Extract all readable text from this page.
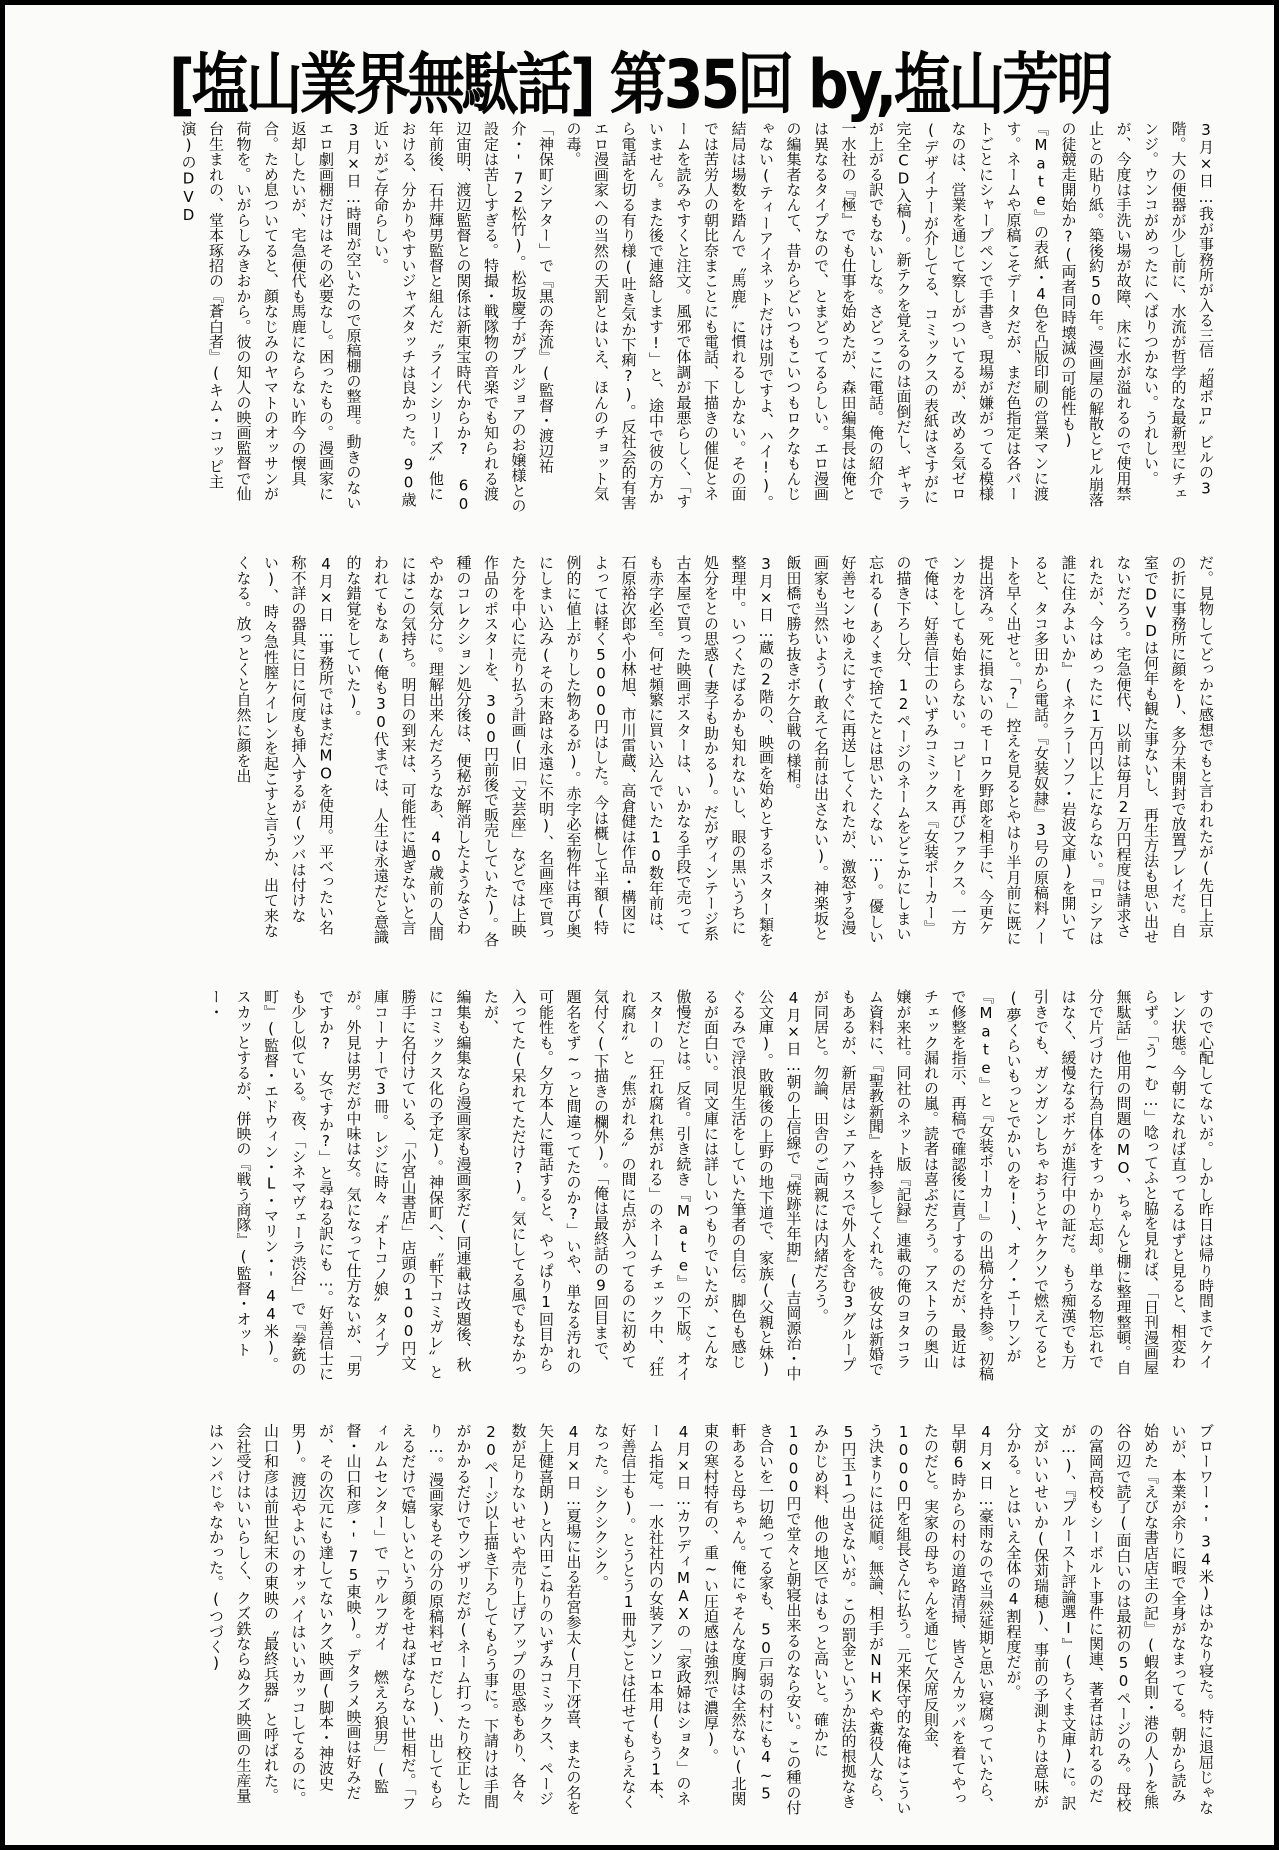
[塩山業界無駄話] 第35回 by,塩山芳明

3月×日…我が事務所が入る三信〝超ボロ〟ビルの3階。大の便器が少し前に、水流が哲学的な最新型にチェンジ。ウンコがめったにへばりつかない。うれしい。が、今度は手洗い場が故障、床に水が溢れるので使用禁止との貼り紙。築後約50年。漫画屋の解散とビル崩落の徒競走開始か?(両者同時壊滅の可能性も)『Mate』の表紙・4色を凸版印刷の営業マンに渡す。ネームや原稿こそデータだが、まだ色指定は各パートごとにシャープペンで手書き。現場が嫌がってる模様なのは、営業を通じて察しがついてるが、改める気ゼロ(デザイナーが介してる、コミックスの表紙はさすがに完全CD入稿)。新テクを覚えるのは面倒だし、ギャラが上がる訳でもないしな。さどっこに電話。俺の紹介で一水社の『極』でも仕事を始めたが、森田編集長は俺とは異なるタイプなので、とまどってるらしい。エロ漫画の編集者なんて、昔からどいつもこいつもロクなもんじゃない(ティーアイネットだけは別ですよ、ハイ!)。結局は場数を踏んで〝馬鹿〟に慣れるしかない。その面では苦労人の朝比奈まことにも電話、下描きの催促とネームを読みやすくと注文。風邪で体調が最悪らしく、「すいません。また後で連絡します!」と、途中で彼の方から電話を切る有り様(吐き気か下痢?)。反社会的有害エロ漫画家への当然の天罰とはいえ、ほんのチョット気の毒。

「神保町シアター」で『黒の奔流』(監督・渡辺祐介・'72松竹)。松坂慶子がブルジョアのお嬢様との設定は苦しすぎる。特撮・戦隊物の音楽でも知られる渡辺宙明、渡辺監督との関係は新東宝時代からか? 60年前後、石井輝男監督と組んだ〝ラインシリーズ〟他における、分かりやすいジャズタッチは良かった。90歳近いがご存命らしい。

3月×日…時間が空いたので原稿棚の整理。動きのないエロ劇画棚だけはその必要なし。困ったもの。漫画家に返却したいが、宅急便代も馬鹿にならない昨今の懐具合。ため息ついてると、顔なじみのヤマトのオッサンが荷物を。いがらしみきおから。彼の知人の映画監督で仙台生まれの、堂本琢招の『蒼白者』(キム・コッピ主演)のDVD

だ。見物してどっかに感想でもと言われたが(先日上京の折に事務所に顔を)、多分未開封で放置プレイだ。自室でDVDは何年も観た事ないし、再生方法も思い出せないだろう。宅急便代、以前は毎月2万円程度は請求されたが、今はめったに1万円以上にならない。『ロシアは誰に住みよいか』(ネクラーソフ・岩波文庫)を開いてると、タコ多田から電話。『女装奴隷』3号の原稿料ノートを早く出せと。「?」控えを見るとやはり半月前に既に提出済み。死に損ないのモーロク野郎を相手に、今更ケンカをしても始まらない。コピーを再びファクス。一方で俺は、好善信士のいずみコミックス『女装ポーカー』の描き下ろし分、12ページのネームをどこかにしまい忘れる(あくまで捨てたとは思いたくない…)。優しい好善センセゆえにすぐに再送してくれたが、激怒する漫画家も当然いよう(敢えて名前は出さない)。神楽坂と飯田橋で勝ち抜きボケ合戦の様相。

3月×日…蔵の2階の、映画を始めとするポスター類を整理中。いつくたばるかも知れないし、眼の黒いうちに処分をとの思惑(妻子も助かる)。だがヴィンテージ系古本屋で買った映画ポスターは、いかなる手段で売っても赤字必至。何せ頻繁に買い込んでいた10数年前は、石原裕次郎や小林旭、市川雷蔵、高倉健は作品・構図によっては軽く5000円はした。今は概して半額(特例的に値上がりした物あるが)。赤字必至物件は再び奥にしまい込み(その末路は永遠に不明)、名画座で買った分を中心に売り払う計画(旧「文芸座」などでは上映作品のポスターを、300円前後で販売していた)。各種のコレクション処分後は、便秘が解消したようなさわやかな気分に。理解出来んだろうなあ、40歳前の人間にはこの気持ち。明日の到来は、可能性に過ぎないと言われてもなぁ(俺も30代までは、人生は永遠だと意識的な錯覚をしていた)。

4月×日…事務所ではまだMOを使用。平べったい名称不詳の器具に日に何度も挿入するが(ツバは付けない)、時々急性膣ケイレンを起こすと言うか、出て来なくなる。放っとくと自然に顔を出

すので心配してないが。しかし昨日は帰り時間までケイレン状態。今朝になれば直ってるはずと見ると、相変わらず。「う~む…」唸ってふと脇を見れば、「日刊漫画屋無駄話」他用の問題のMO、ちゃんと棚に整理整頓。自分で片づけた行為自体をすっかり忘却。単なる物忘れではなく、緩慢なるボケが進行中の証だ。もう痴漢でも万引きでも、ガンガンしちゃおうとヤケクソで燃えてると(夢くらいもっとでかいのを!)、オノ・エーワンが『Mate』と『女装ポーカー』の出稿分を持参。初稿で修整を指示、再稿で確認後に責了するのだが、最近はチェック漏れの嵐。読者は喜ぶだろう。アストラの奥山嬢が来社。同社のネット版『記録』連載の俺のヨタコラム資料に、『聖教新聞』を持参してくれた。彼女は新婚でもあるが、新居はシェアハウスで外人を含む3グループが同居と。勿論、田舎のご両親には内緒だろう。

4月×日…朝の上信線で『焼跡半年期』(吉岡源治・中公文庫)。敗戦後の上野の地下道で、家族(父親と妹)ぐるみで浮浪児生活をしていた筆者の自伝。脚色も感じるが面白い。同文庫には詳しいつもりでいたが、こんな傲慢だとは。反省。引き続き『Mate』の下版。オイスターの「狂れ腐れ焦がれる」のネームチェック中、〝狂れ腐れ〟と〝焦がれる〟の間に点が入ってるのに初めて気付く(下描きの欄外)。「俺は最終話の9回目まで、題名をず~っと間違ってたのか?」いや、単なる汚れの可能性も。夕方本人に電話すると、やっぱり1回目から入ってた(呆れてただけ?)。気にしてる風でもなかったが、

編集も編集なら漫画家も漫画家だ(同連載は改題後、秋にコミックス化の予定)。神保町へ、〝軒下コミガレ〟と勝手に名付けている、「小宮山書店」店頭の100円文庫コーナーで3冊。レジに時々〝オトコノ娘〟タイプが。外見は男だが中味は女。気になって仕方ないが、「男ですか? 女ですか?」と尋ねる訳にも…。好善信士にも少し似ている。夜、「シネマヴェーラ渋谷」で『拳銃の町』(監督・エドウィン・L・マリン・'44米)。スカッとするが、併映の『戦う商隊』(監督・オットー・

ブローワー・'34米)はかなり寝た。特に退屈じゃないが、本業が余りに暇で全身がなまってる。朝から読み始めた『えびな書店店主の記』(蝦名則・港の人)を熊谷の辺で読了(面白いのは最初の50ページのみ。母校の富岡高校もシーボルト事件に関連、著者は訪れるのだが…)、『プルースト評論選Ⅰ』(ちくま文庫)に。訳文がいいせいか(保苅瑞穂)、事前の予測よりは意味が分かる。とはいえ全体の4割程度だが。

4月×日…豪雨なので当然延期と思い寝腐っていたら、早朝6時からの村の道路清掃、皆さんカッパを着てやったのだと。実家の母ちゃんを通じて欠席反則金、1000円を組長さんに払う。元来保守的な俺はこういう決まりには従順。無論、相手がNHKや糞役人なら、5円玉1つ出さないが。この罰金というか法的根拠なきみかじめ料、他の地区ではもっと高いと。確かに1000円で堂々と朝寝出来るのなら安い。この種の付き合いを一切絶ってる家も、50戸弱の村にも4~5軒あると母ちゃん。俺にゃそんな度胸は全然ない(北関東の寒村特有の、重~い圧迫感は強烈で濃厚)。

4月×日…カワディMAXの「家政婦はショタ」のネーム指定。一水社社内の女装アンソロ本用(もう1本、好善信士も)。とうとう1冊丸ごとは任せてもらえなくなった。シクシクシク。

4月×日…夏場に出る若宮参太(月下冴喜、またの名を矢上健喜朗)と内田こねりのいずみコミックス、ページ数が足りないせいや売り上げアップの思惑もあり、各々20ページ以上描き下ろしてもらう事に。下請けは手間がかかるだけでウンザリだが(ネーム打ったり校正したり…。漫画家もその分の原稿料ゼロだし)、出してもらえるだけで嬉しいという顔をせねばならない世相だ。「フィルムセンター」で「ウルフガイ 燃えろ狼男」(監督・山口和彦・'75東映)。デタラメ映画は好みだが、その次元にも達してないクズ映画(脚本・神波史男)。渡辺やよいのオッパイはいいカッコしてるのに。山口和彦は前世紀末の東映の〝最終兵器〟と呼ばれた。会社受けはいいらしく、クズ鉄ならぬクズ映画の生産量はハンパじゃなかった。(つづく)
